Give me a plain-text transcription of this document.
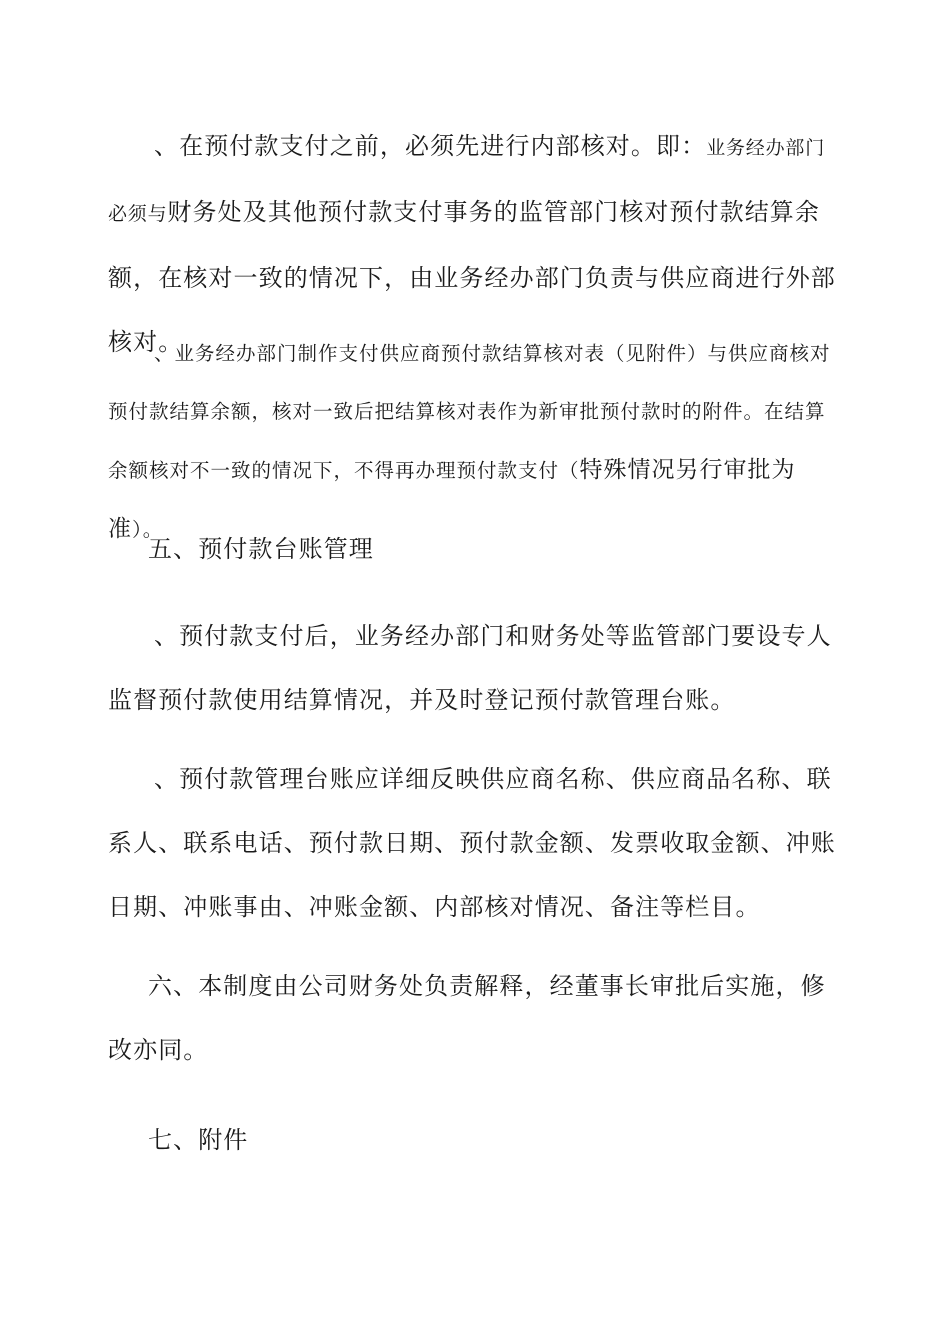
、在预付款支付之前，必须先进行内部核对。即：业务经办部门必须与财务处及其他预付款支付事务的监管部门核对预付款结算余额，在核对一致的情况下，由业务经办部门负责与供应商进行外部核对。

、业务经办部门制作支付供应商预付款结算核对表（见附件）与供应商核对预付款结算余额，核对一致后把结算核对表作为新审批预付款时的附件。在结算余额核对不一致的情况下，不得再办理预付款支付（特殊情况另行审批为准）。

五、预付款台账管理

、预付款支付后，业务经办部门和财务处等监管部门要设专人监督预付款使用结算情况，并及时登记预付款管理台账。

、预付款管理台账应详细反映供应商名称、供应商品名称、联系人、联系电话、预付款日期、预付款金额、发票收取金额、冲账日期、冲账事由、冲账金额、内部核对情况、备注等栏目。

六、本制度由公司财务处负责解释，经董事长审批后实施，修改亦同。

七、附件
